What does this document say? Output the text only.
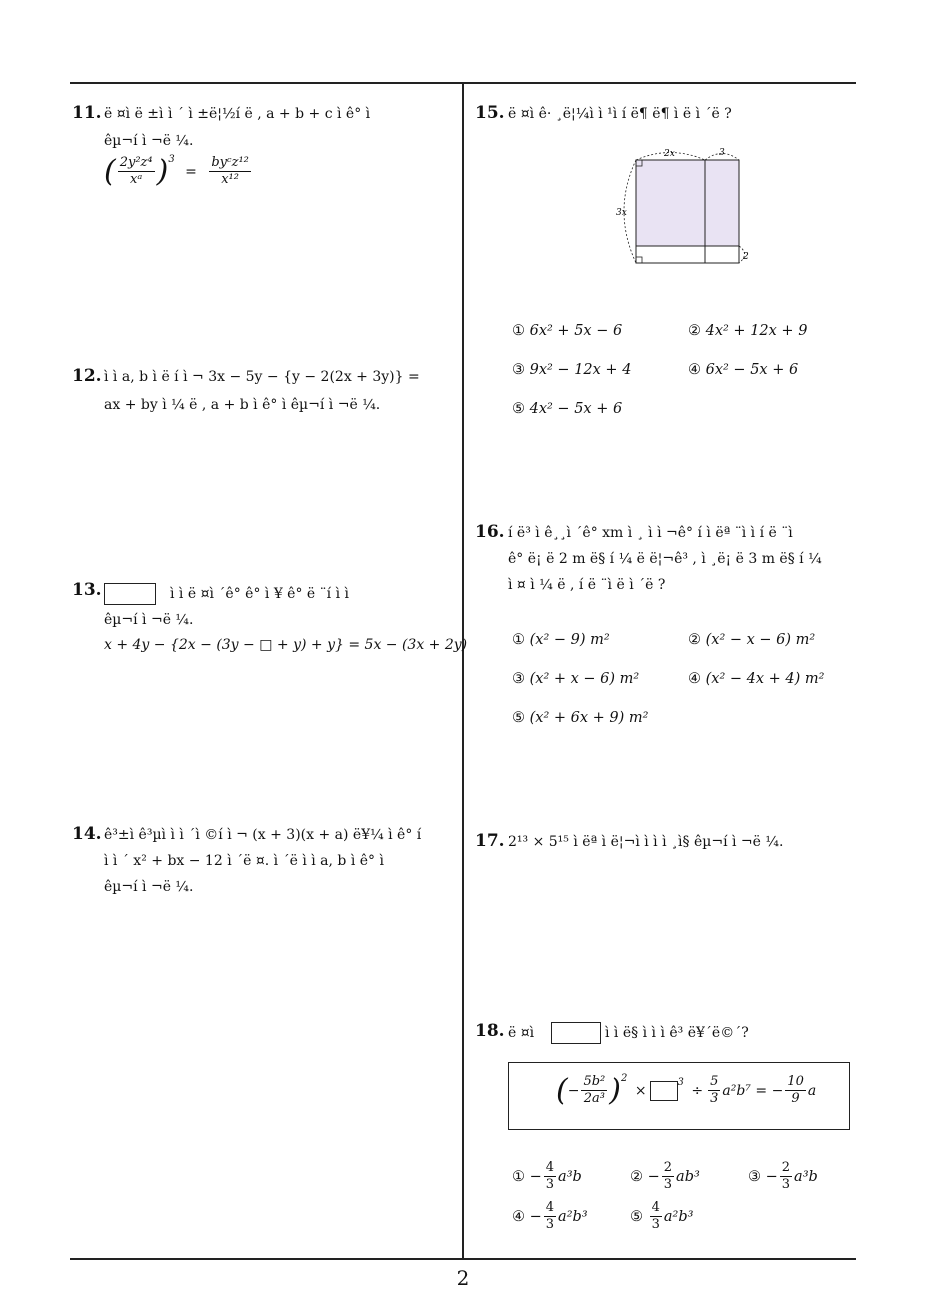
11. ë ¤ì ë ±ì ì ´ ì ±ë¦½í ë , a + b + c ì ê° ì
êµ¬í ì ¬ë ¼.
( $\frac{\text{2y²z⁴}}{\text{xᵃ}} )^3 = \frac{\text{byᶜz¹²}}{\text{x¹²}}$
12. ì ì a, b ì ë í ì ¬ 3x − 5y − {y − 2(2x + 3y)} =
ax + by ì ¼ ë , a + b ì ê° ì êµ¬í ì ¬ë ¼.
13.	ì ì ë ¤ì ´ê° ê° ì ¥ ê° ë ¨í ì ì
êµ¬í ì ¬ë ¼.
x + 4y − {2x − (3y − □ + y) + y} = 5x − (3x + 2y)
14. ê³±ì ê³µì ì ì ´ì ©í ì ¬ (x + 3)(x + a) ë¥¼ ì ê° í
ì ì ´ x² + bx − 12 ì ´ë ¤. ì ´ë ì ì a, b ì ê° ì
êµ¬í ì ¬ë ¼.
15. ë ¤ì ê· ¸ë¦¼ì ì ¹ì í ë¶ ë¶ ì ë ì ´ë ?
2x	3
3x
2
① 6x² + 5x − 6	② 4x² + 12x + 9
③ 9x² − 12x + 4	④ 6x² − 5x + 6
⑤ 4x² − 5x + 6
16. í ë³ ì ê¸¸ì ´ê° xm ì ¸ ì ì ¬ê° í ì ëª ¨ì ì í ë ¨ì
ê° ë¡ ë 2 m ë§ í ¼ ë ë¦¬ê³ , ì ¸ë¡ ë 3 m ë§ í ¼
ì ¤ ì ¼ ë , í ë ¨ì ë ì ´ë ?
① (x² − 9) m²	② (x² − x − 6) m²
③ (x² + x − 6) m²	④ (x² − 4x + 4) m²
⑤ (x² + 6x + 9) m²
17. 2¹³ × 5¹⁵ ì ëª ì ë¦¬ì ì ì ì ¸ì§ êµ¬í ì ¬ë ¼.
18. ë ¤ì	ì ì ë§ ì ì ì ê³ ë¥´ë©´?
(− $\frac{\text{5b²}}{\text{2a³}} )^2 \times^3 \div \frac{5}{3} a^2b^7$ = − $\frac{10}{9}$ a
① − $\frac{4}{3} a^3b$	② − $\frac{2}{3} ab^3$	③ − $\frac{2}{3} a^3b$
④ − $\frac{4}{3} a^2b^3$	⑤ $\frac{4}{3} a^2b^3$
2
